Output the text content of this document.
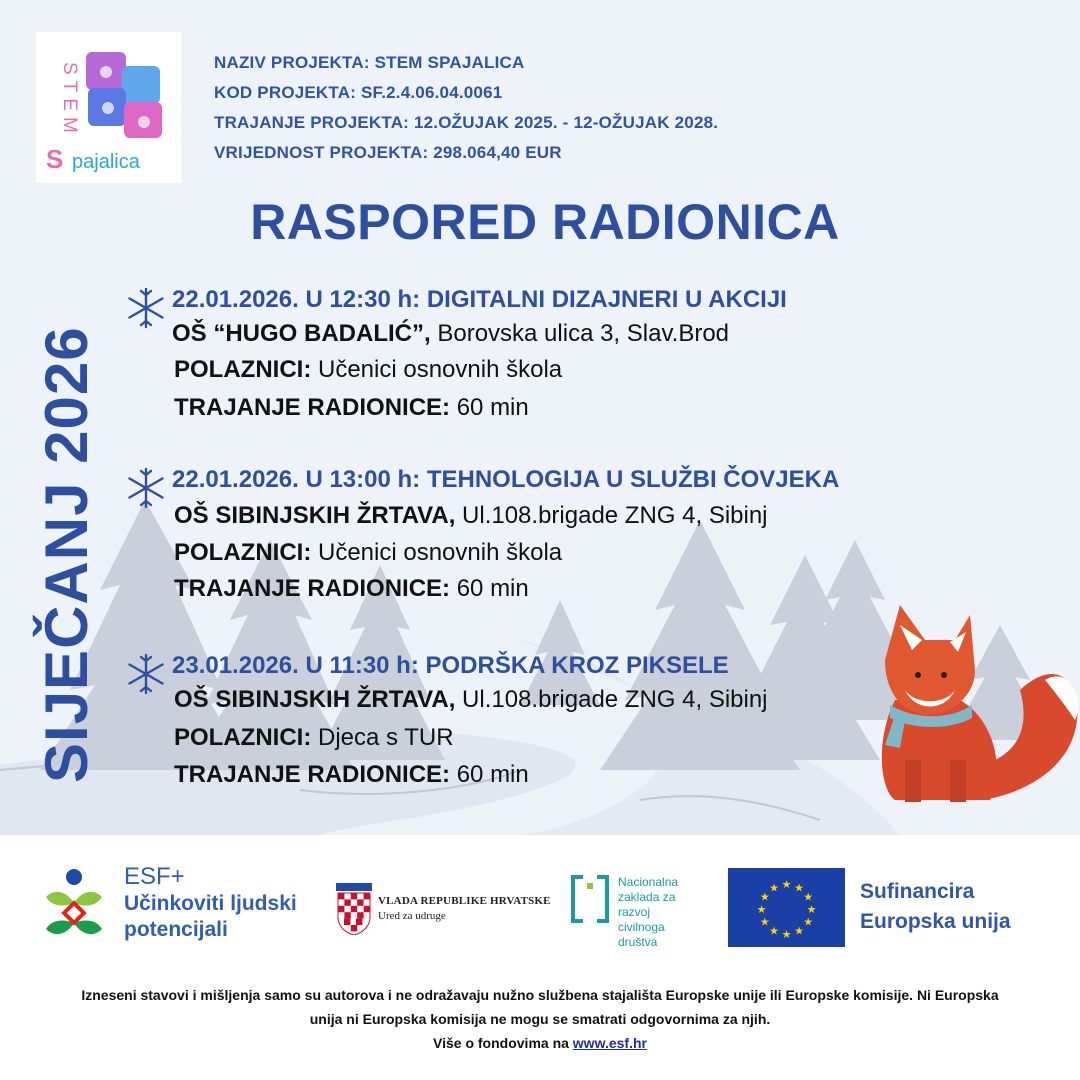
STEM
S pajalica
NAZIV PROJEKTA: STEM SPAJALICA
KOD PROJEKTA: SF.2.4.06.04.0061
TRAJANJE PROJEKTA: 12.OŽUJAK 2025. - 12-OŽUJAK 2028.
VRIJEDNOST PROJEKTA: 298.064,40 EUR
RASPORED RADIONICA
SIJEČANJ 2026
22.01.2026. U 12:30 h: DIGITALNI DIZAJNERI U AKCIJI
OŠ “HUGO BADALIĆ”, Borovska ulica 3, Slav.Brod
POLAZNICI: Učenici osnovnih škola
TRAJANJE RADIONICE: 60 min
22.01.2026. U 13:00 h: TEHNOLOGIJA U SLUŽBI ČOVJEKA
OŠ SIBINJSKIH ŽRTAVA, Ul.108.brigade ZNG 4, Sibinj
POLAZNICI: Učenici osnovnih škola
TRAJANJE RADIONICE: 60 min
23.01.2026. U 11:30 h: PODRŠKA KROZ PIKSELE
OŠ SIBINJSKIH ŽRTAVA, Ul.108.brigade ZNG 4, Sibinj
POLAZNICI: Djeca s TUR
TRAJANJE RADIONICE: 60 min
ESF+
Učinkoviti ljudski
potencijali
VLADA REPUBLIKE HRVATSKE
Ured za udruge
Nacionalna
zaklada za
razvoj
civilnoga
društva
★ ★
★
★
★
★
★
★
★
★
★
★	Sufinancira
Europska unija
Izneseni stavovi i mišljenja samo su autorova i ne odražavaju nužno službena stajališta Europske unije ili Europske komisije. Ni Europska
unija ni Europska komisija ne mogu se smatrati odgovornima za njih.
Više o fondovima na www.esf.hr
